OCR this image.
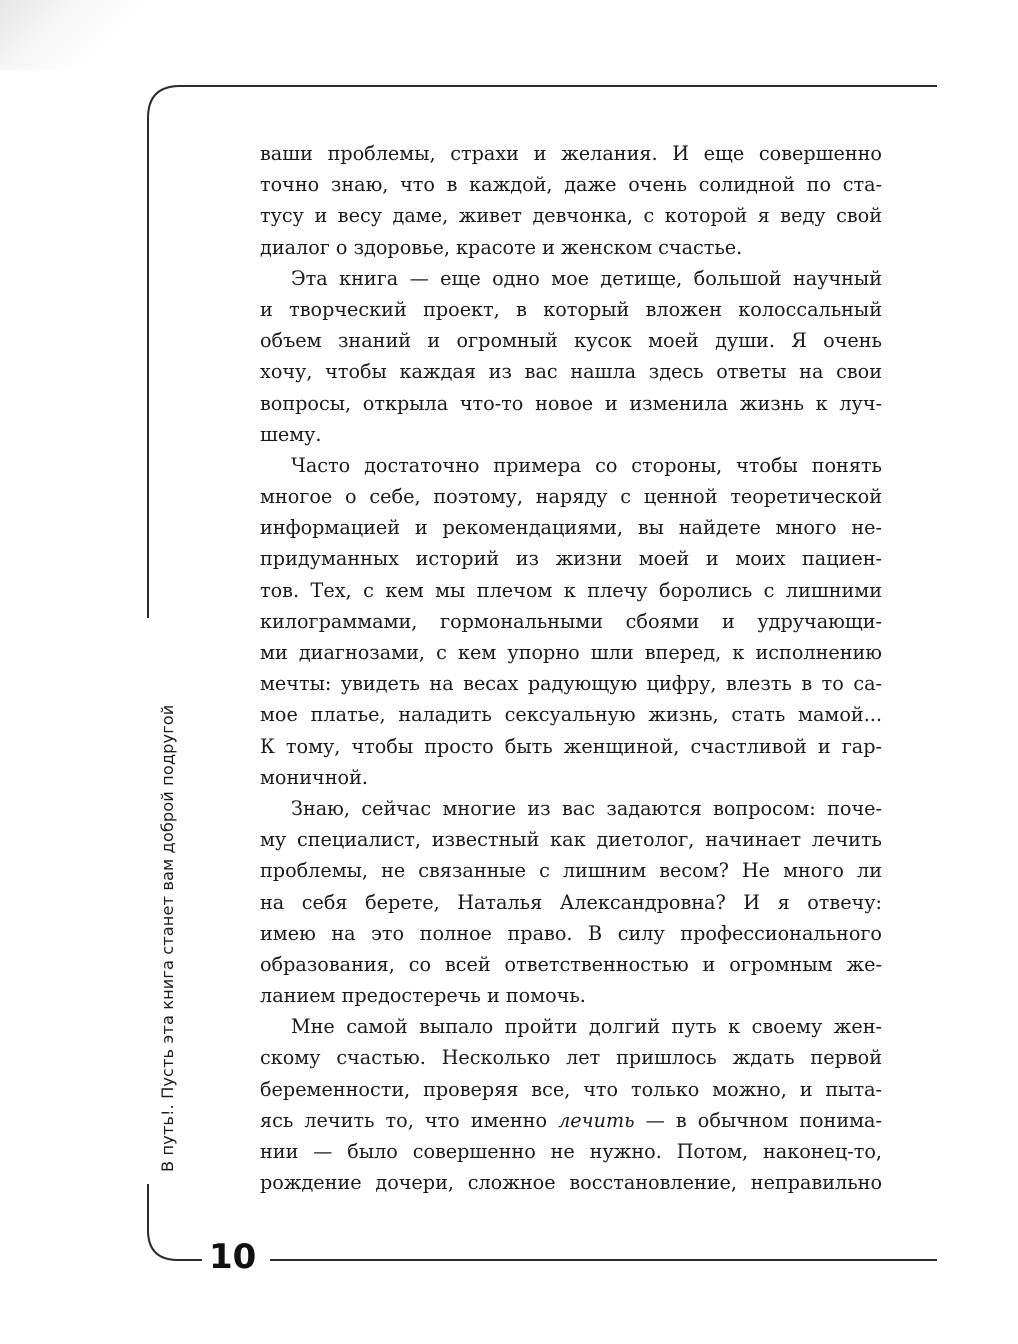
В путь!. Пусть эта книга станет вам доброй подругой
10

ваши проблемы, страхи и желания. И еще совершенно
точно знаю, что в каждой, даже очень солидной по ста-
тусу и весу даме, живет девчонка, с которой я веду свой
диалог о здоровье, красоте и женском счастье.

Эта книга — еще одно мое детище, большой научный
и творческий проект, в который вложен колоссальный
объем знаний и огромный кусок моей души. Я очень
хочу, чтобы каждая из вас нашла здесь ответы на свои
вопросы, открыла что-то новое и изменила жизнь к луч-
шему.

Часто достаточно примера со стороны, чтобы понять
многое о себе, поэтому, наряду с ценной теоретической
информацией и рекомендациями, вы найдете много не-
придуманных историй из жизни моей и моих пациен-
тов. Тех, с кем мы плечом к плечу боролись с лишними
килограммами, гормональными сбоями и удручающи-
ми диагнозами, с кем упорно шли вперед, к исполнению
мечты: увидеть на весах радующую цифру, влезть в то са-
мое платье, наладить сексуальную жизнь, стать мамой...
К тому, чтобы просто быть женщиной, счастливой и гар-
моничной.

Знаю, сейчас многие из вас задаются вопросом: поче-
му специалист, известный как диетолог, начинает лечить
проблемы, не связанные с лишним весом? Не много ли
на себя берете, Наталья Александровна? И я отвечу:
имею на это полное право. В силу профессионального
образования, со всей ответственностью и огромным же-
ланием предостеречь и помочь.

Мне самой выпало пройти долгий путь к своему жен-
скому счастью. Несколько лет пришлось ждать первой
беременности, проверяя все, что только можно, и пыта-
ясь лечить то, что именно лечить — в обычном понима-
нии — было совершенно не нужно. Потом, наконец-то,
рождение дочери, сложное восстановление, неправильно
